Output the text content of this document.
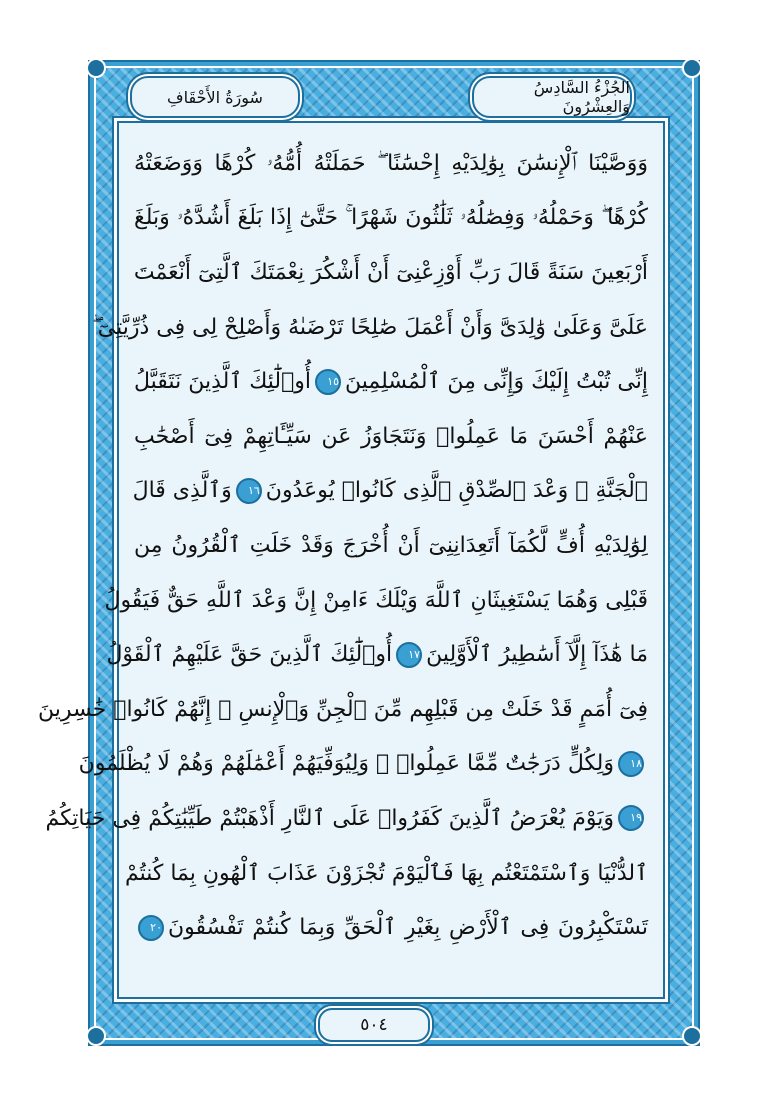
الجُزْءُ السَّادِسُ وَالعِشْرُونَ
سُورَةُ الأَحْقَافِ
وَوَصَّيْنَا ٱلْإِنسَٰنَ بِوَٰلِدَيْهِ إِحْسَٰنًا ۖ حَمَلَتْهُ أُمُّهُۥ كُرْهًا وَوَضَعَتْهُ
كُرْهًا ۖ وَحَمْلُهُۥ وَفِصَٰلُهُۥ ثَلَٰثُونَ شَهْرًا ۚ حَتَّىٰٓ إِذَا بَلَغَ أَشُدَّهُۥ وَبَلَغَ
أَرْبَعِينَ سَنَةً قَالَ رَبِّ أَوْزِعْنِىٓ أَنْ أَشْكُرَ نِعْمَتَكَ ٱلَّتِىٓ أَنْعَمْتَ
عَلَىَّ وَعَلَىٰ وَٰلِدَىَّ وَأَنْ أَعْمَلَ صَٰلِحًا تَرْضَىٰهُ وَأَصْلِحْ لِى فِى ذُرِّيَّتِىٓ ۖ
إِنِّى تُبْتُ إِلَيْكَ وَإِنِّى مِنَ ٱلْمُسْلِمِينَ
١٥
أُو۟لَٰٓئِكَ ٱلَّذِينَ نَتَقَبَّلُ
عَنْهُمْ أَحْسَنَ مَا عَمِلُوا۟ وَنَتَجَاوَزُ عَن سَيِّـَٔاتِهِمْ فِىٓ أَصْحَٰبِ
ٱلْجَنَّةِ ۖ وَعْدَ ٱلصِّدْقِ ٱلَّذِى كَانُوا۟ يُوعَدُونَ
١٦
وَٱلَّذِى قَالَ
لِوَٰلِدَيْهِ أُفٍّ لَّكُمَآ أَتَعِدَانِنِىٓ أَنْ أُخْرَجَ وَقَدْ خَلَتِ ٱلْقُرُونُ مِن
قَبْلِى وَهُمَا يَسْتَغِيثَانِ ٱللَّهَ وَيْلَكَ ءَامِنْ إِنَّ وَعْدَ ٱللَّهِ حَقٌّ فَيَقُولُ
مَا هَٰذَآ إِلَّآ أَسَٰطِيرُ ٱلْأَوَّلِينَ
١٧
أُو۟لَٰٓئِكَ ٱلَّذِينَ حَقَّ عَلَيْهِمُ ٱلْقَوْلُ
فِىٓ أُمَمٍ قَدْ خَلَتْ مِن قَبْلِهِم مِّنَ ٱلْجِنِّ وَٱلْإِنسِ ۖ إِنَّهُمْ كَانُوا۟ خَٰسِرِينَ
١٨
وَلِكُلٍّ دَرَجَٰتٌ مِّمَّا عَمِلُوا۟ ۖ وَلِيُوَفِّيَهُمْ أَعْمَٰلَهُمْ وَهُمْ لَا يُظْلَمُونَ
١٩
وَيَوْمَ يُعْرَضُ ٱلَّذِينَ كَفَرُوا۟ عَلَى ٱلنَّارِ أَذْهَبْتُمْ طَيِّبَٰتِكُمْ فِى حَيَاتِكُمُ
ٱلدُّنْيَا وَٱسْتَمْتَعْتُم بِهَا فَٱلْيَوْمَ تُجْزَوْنَ عَذَابَ ٱلْهُونِ بِمَا كُنتُمْ
تَسْتَكْبِرُونَ فِى ٱلْأَرْضِ بِغَيْرِ ٱلْحَقِّ وَبِمَا كُنتُمْ تَفْسُقُونَ
٢٠
٥٠٤
